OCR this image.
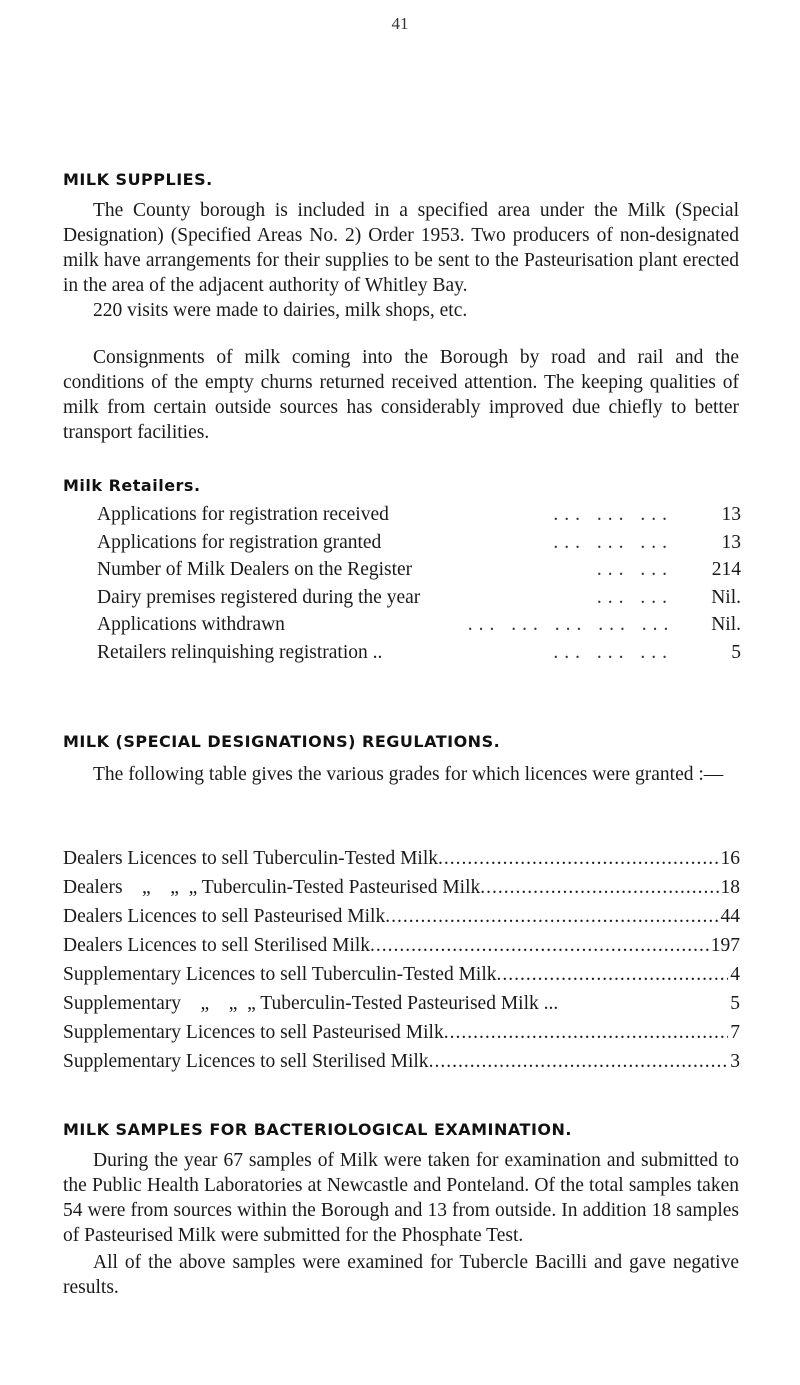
41
MILK SUPPLIES.

The County borough is included in a specified area under the Milk (Special Designation) (Specified Areas No. 2) Order 1953. Two producers of non-designated milk have arrangements for their supplies to be sent to the Pasteurisation plant erected in the area of the adjacent authority of Whitley Bay.

220 visits were made to dairies, milk shops, etc.

Consignments of milk coming into the Borough by road and rail and the conditions of the empty churns returned received attention. The keeping qualities of milk from certain outside sources has considerably improved due chiefly to better transport facilities.

Milk Retailers.
Applications for registration received	... ... ...	13
Applications for registration granted	... ... ...	13
Number of Milk Dealers on the Register	... ...	214
Dairy premises registered during the year	... ...	Nil.
Applications withdrawn	... ... ... ... ...	Nil.
Retailers relinquishing registration ..	... ... ...	5
MILK (SPECIAL DESIGNATIONS) REGULATIONS.

The following table gives the various grades for which licences were granted :—

Dealers Licences to sell Tuberculin-Tested Milk .....	16
Dealers    „    „  „ Tuberculin-Tested Pasteurised Milk .....	18
Dealers Licences to sell Pasteurised Milk .....	44
Dealers Licences to sell Sterilised Milk .....	197
Supplementary Licences to sell Tuberculin-Tested Milk .....	4
Supplementary    „    „  „ Tuberculin-Tested Pasteurised Milk ...	5
Supplementary Licences to sell Pasteurised Milk .....	7
Supplementary Licences to sell Sterilised Milk .....	3
MILK SAMPLES FOR BACTERIOLOGICAL EXAMINATION.

During the year 67 samples of Milk were taken for examination and submitted to the Public Health Laboratories at Newcastle and Ponteland. Of the total samples taken 54 were from sources within the Borough and 13 from outside. In addition 18 samples of Pasteurised Milk were submitted for the Phosphate Test.

All of the above samples were examined for Tubercle Bacilli and gave negative results.
